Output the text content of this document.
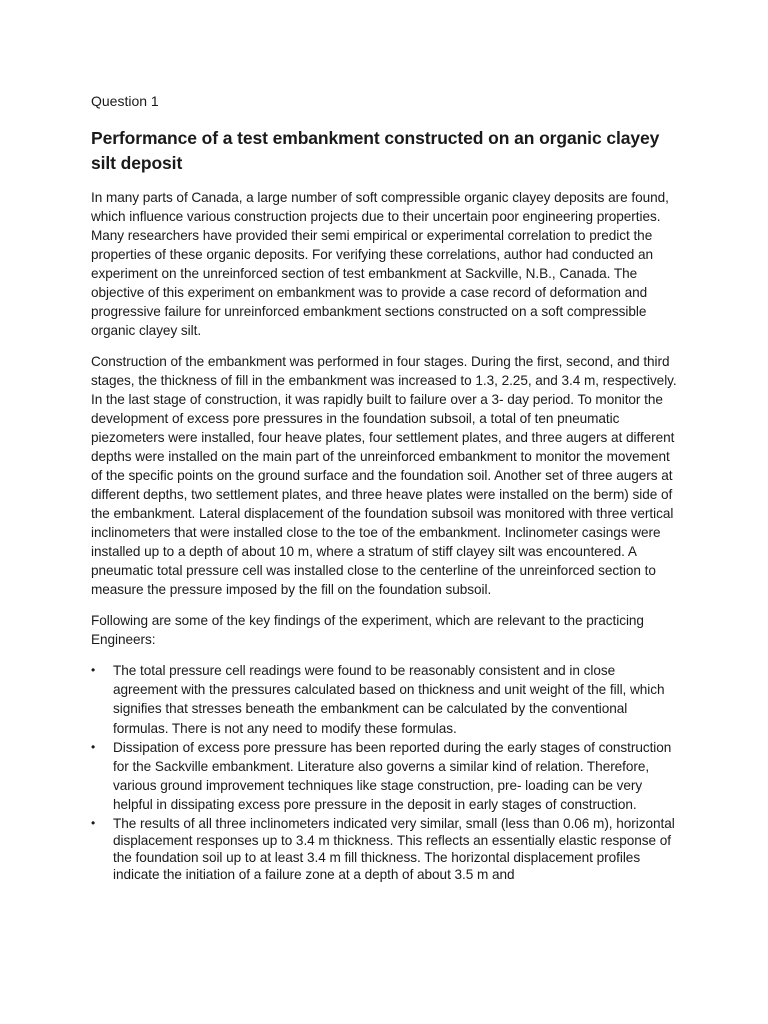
Question 1
Performance of a test embankment constructed on an organic clayey silt deposit

In many parts of Canada, a large number of soft compressible organic clayey deposits are found, which influence various construction projects due to their uncertain poor engineering properties. Many researchers have provided their semi empirical or experimental correlation to predict the properties of these organic deposits. For verifying these correlations, author had conducted an experiment on the unreinforced section of test embankment at Sackville, N.B., Canada. The objective of this experiment on embankment was to provide a case record of deformation and progressive failure for unreinforced embankment sections constructed on a soft compressible organic clayey silt.

Construction of the embankment was performed in four stages. During the first, second, and third stages, the thickness of fill in the embankment was increased to 1.3, 2.25, and 3.4 m, respectively. In the last stage of construction, it was rapidly built to failure over a 3- day period. To monitor the development of excess pore pressures in the foundation subsoil, a total of ten pneumatic piezometers were installed, four heave plates, four settlement plates, and three augers at different depths were installed on the main part of the unreinforced embankment to monitor the movement of the specific points on the ground surface and the foundation soil. Another set of three augers at different depths, two settlement plates, and three heave plates were installed on the berm) side of the embankment. Lateral displacement of the foundation subsoil was monitored with three vertical inclinometers that were installed close to the toe of the embankment. Inclinometer casings were installed up to a depth of about 10 m, where a stratum of stiff clayey silt was encountered. A pneumatic total pressure cell was installed close to the centerline of the unreinforced section to measure the pressure imposed by the fill on the foundation subsoil.

Following are some of the key findings of the experiment, which are relevant to the practicing Engineers:

• The total pressure cell readings were found to be reasonably consistent and in close agreement with the pressures calculated based on thickness and unit weight of the fill, which signifies that stresses beneath the embankment can be calculated by the conventional formulas. There is not any need to modify these formulas.
• Dissipation of excess pore pressure has been reported during the early stages of construction for the Sackville embankment. Literature also governs a similar kind of relation. Therefore, various ground improvement techniques like stage construction, pre- loading can be very helpful in dissipating excess pore pressure in the deposit in early stages of construction.
• The results of all three inclinometers indicated very similar, small (less than 0.06 m), horizontal displacement responses up to 3.4 m thickness. This reflects an essentially elastic response of the foundation soil up to at least 3.4 m fill thickness. The horizontal displacement profiles indicate the initiation of a failure zone at a depth of about 3.5 m and
